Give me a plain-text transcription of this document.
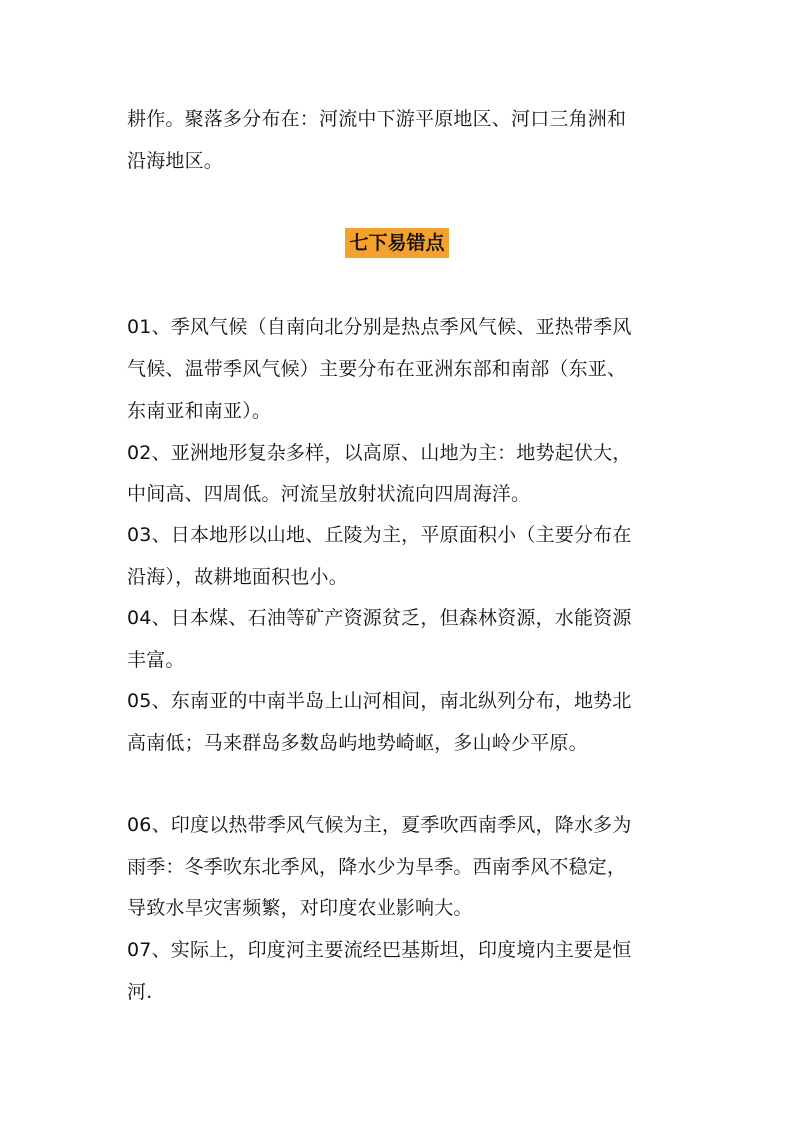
耕作。聚落多分布在：河流中下游平原地区、河口三角洲和
沿海地区。
七下易错点
01、季风气候（自南向北分别是热点季风气候、亚热带季风
气候、温带季风气候）主要分布在亚洲东部和南部（东亚、
东南亚和南亚）。
02、亚洲地形复杂多样，以高原、山地为主：地势起伏大，
中间高、四周低。河流呈放射状流向四周海洋。
03、日本地形以山地、丘陵为主，平原面积小（主要分布在
沿海），故耕地面积也小。
04、日本煤、石油等矿产资源贫乏，但森林资源，水能资源
丰富。
05、东南亚的中南半岛上山河相间，南北纵列分布，地势北
高南低；马来群岛多数岛屿地势崎岖，多山岭少平原。
06、印度以热带季风气候为主，夏季吹西南季风，降水多为
雨季：冬季吹东北季风，降水少为旱季。西南季风不稳定，
导致水旱灾害频繁，对印度农业影响大。
07、实际上，印度河主要流经巴基斯坦，印度境内主要是恒
河.
